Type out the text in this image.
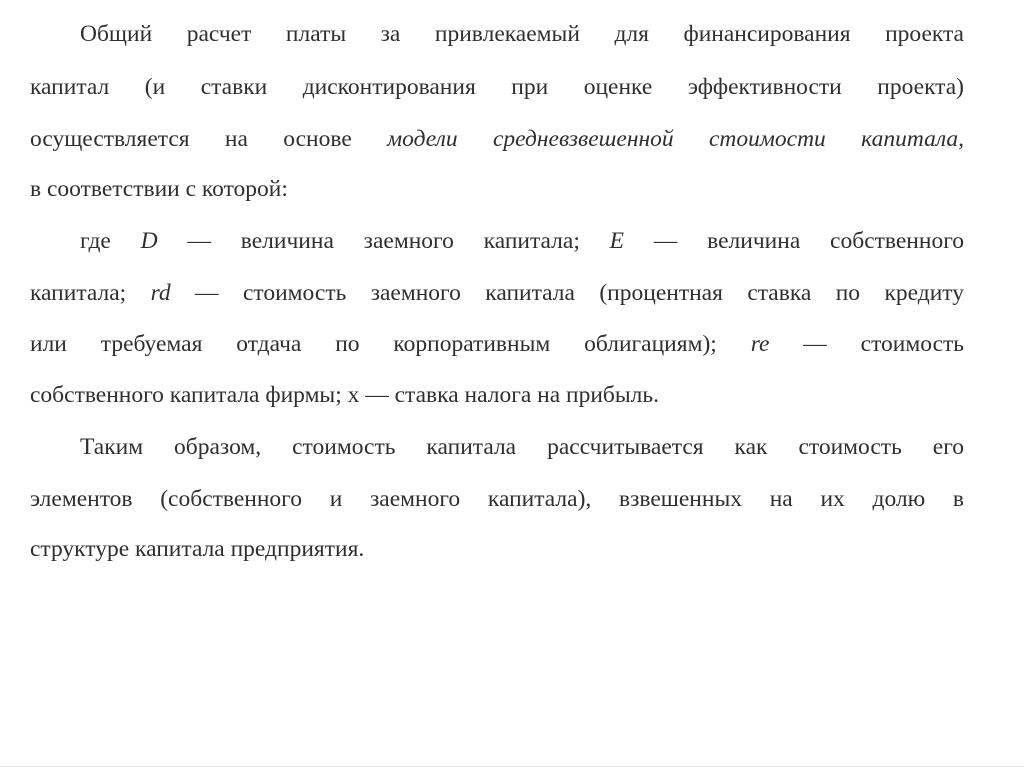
Общий расчет платы за привлекаемый для финансирования проекта

капитал (и ставки дисконтирования при оценке эффективности проекта)

осуществляется на основе модели средневзвешенной стоимости капитала,

в соответствии с которой:

где D — величина заемного капитала; E — величина собственного

капитала; rd — стоимость заемного капитала (процентная ставка по кредиту

или требуемая отдача по корпоративным облигациям); re — стоимость

собственного капитала фирмы; x — ставка налога на прибыль.

Таким образом, стоимость капитала рассчитывается как стоимость его

элементов (собственного и заемного капитала), взвешенных на их долю в

структуре капитала предприятия.
